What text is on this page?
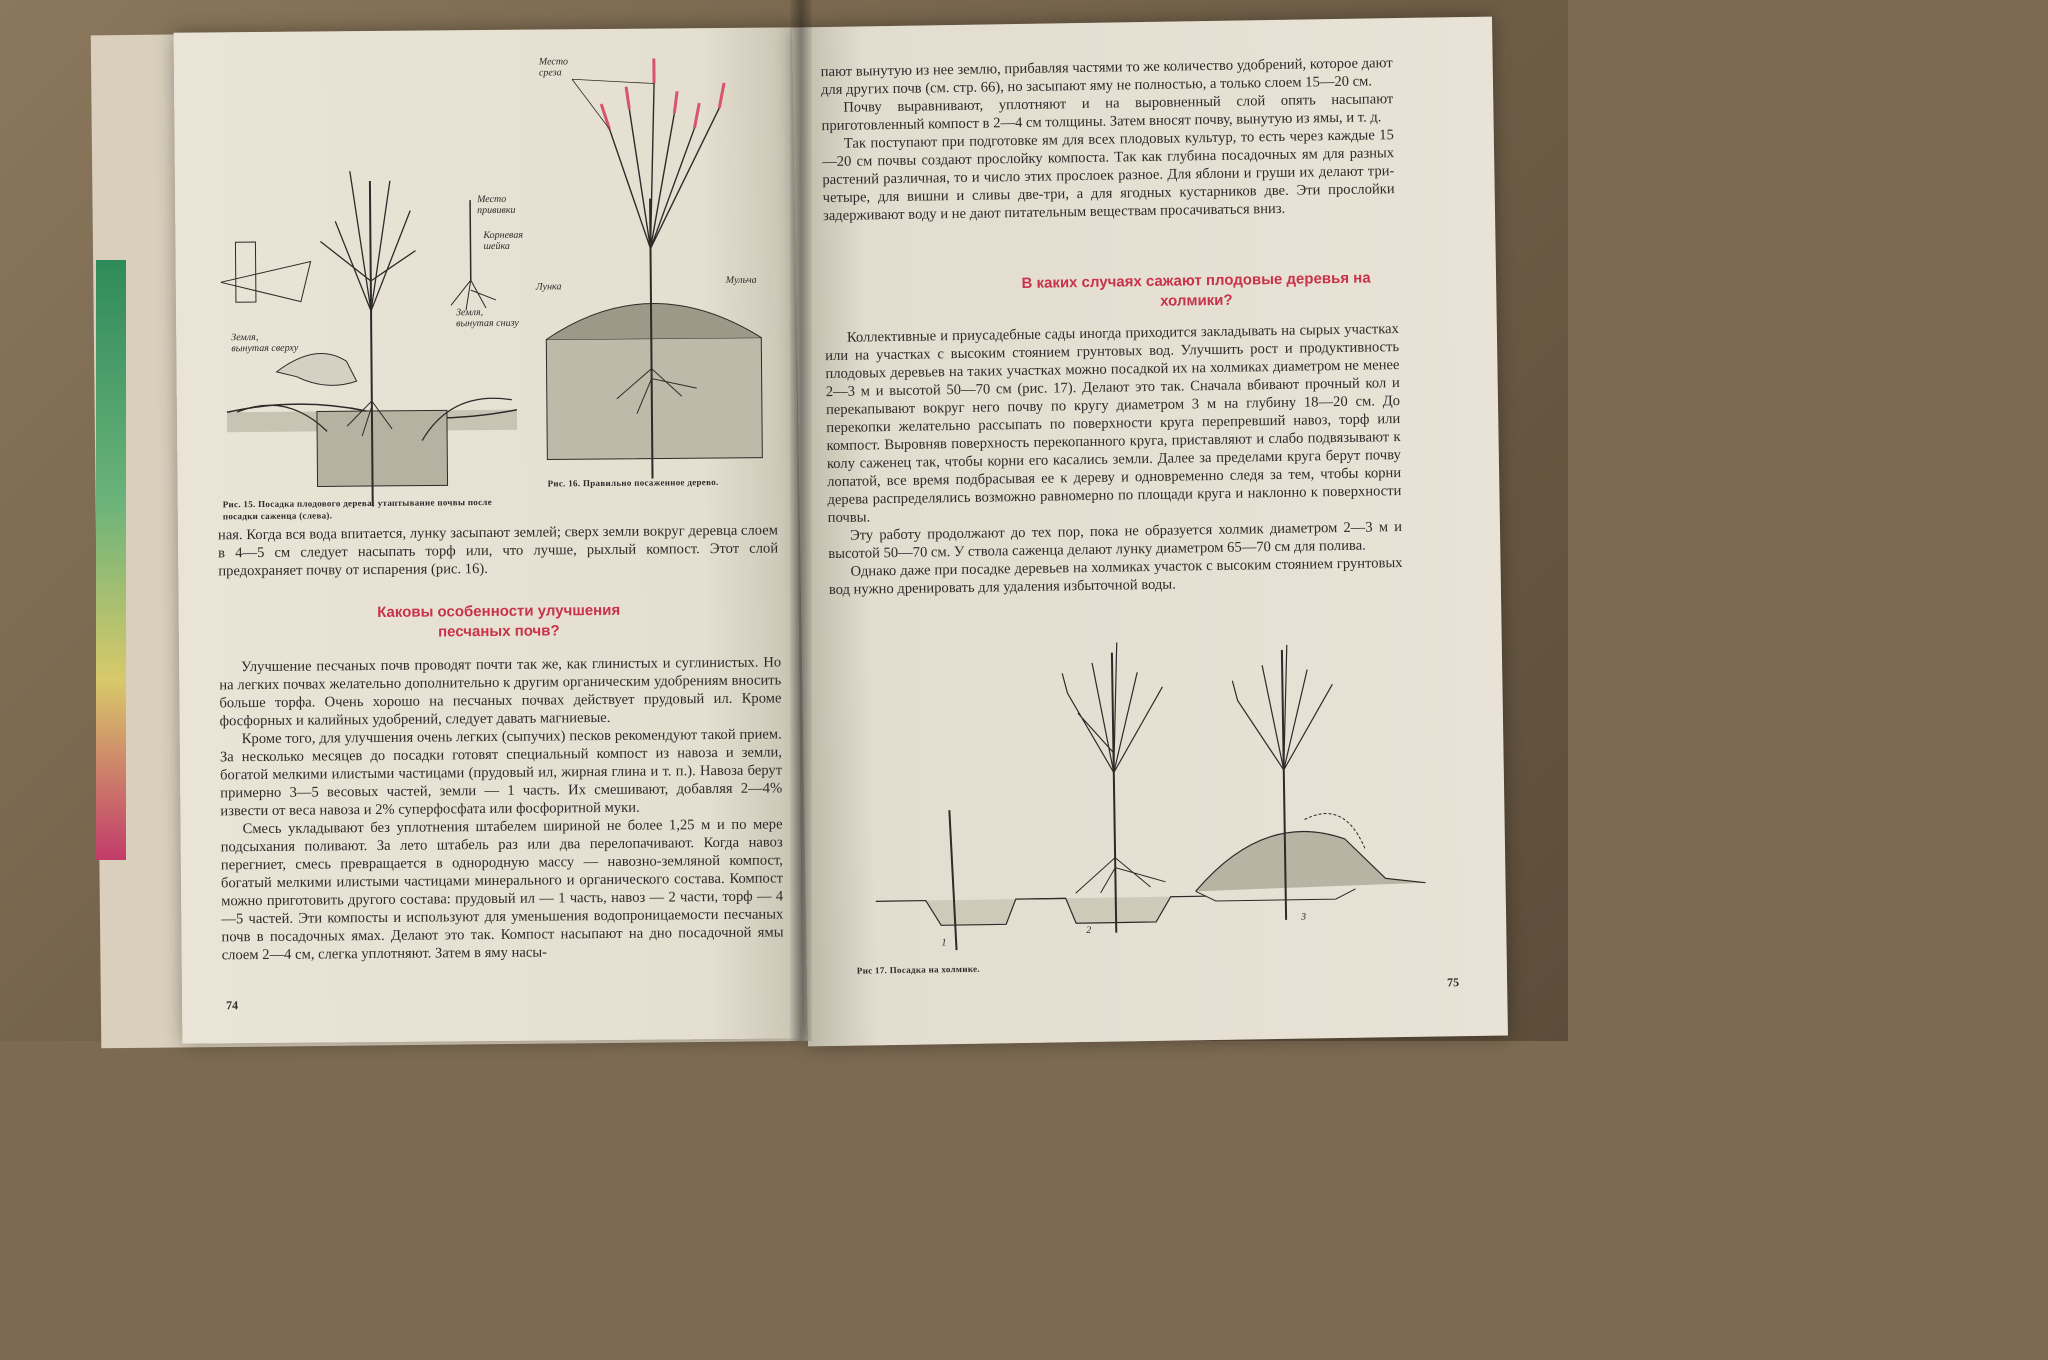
Место прививки
Корневая шейка
Земля, вынутая сверху
Земля, вынутая снизу
Место среза
Лунка
Мульча
Рис. 15. Посадка плодового дерева; утаптывание почвы после посадки саженца (слева).
Рис. 16. Правильно посаженное дерево.

ная. Когда вся вода впитается, лунку засыпают землей; сверх земли вокруг деревца слоем в 4—5 см следует насыпать торф или, что лучше, рыхлый компост. Этот слой предохраняет почву от испарения (рис. 16).

Каковы особенности улучшения песчаных почв?

Улучшение песчаных почв проводят почти так же, как глинистых и суглинистых. Но на легких почвах желательно дополнительно к другим органическим удобрениям вносить больше торфа. Очень хорошо на песчаных почвах действует прудовый ил. Кроме фосфорных и калийных удобрений, следует давать магниевые.

Кроме того, для улучшения очень легких (сыпучих) песков рекомендуют такой прием. За несколько месяцев до посадки готовят специальный компост из навоза и земли, богатой мелкими илистыми частицами (прудовый ил, жирная глина и т. п.). Навоза берут примерно 3—5 весовых частей, земли — 1 часть. Их смешивают, добавляя 2—4% извести от веса навоза и 2% суперфосфата или фосфоритной муки.

Смесь укладывают без уплотнения штабелем шириной не более 1,25 м и по мере подсыхания поливают. За лето штабель раз или два перелопачивают. Когда навоз перегниет, смесь превращается в однородную массу — навозно-земляной компост, богатый мелкими илистыми частицами минерального и органического состава. Компост можно приготовить другого состава: прудовый ил — 1 часть, навоз — 2 части, торф — 4—5 частей. Эти компосты и используют для уменьшения водопроницаемости песчаных почв в посадочных ямах. Делают это так. Компост насыпают на дно посадочной ямы слоем 2—4 см, слегка уплотняют. Затем в яму насы-

74

пают вынутую из нее землю, прибавляя частями то же количество удобрений, которое дают для других почв (см. стр. 66), но засыпают яму не полностью, а только слоем 15—20 см.

Почву выравнивают, уплотняют и на выровненный слой опять насыпают приготовленный компост в 2—4 см толщины. Затем вносят почву, вынутую из ямы, и т. д.

Так поступают при подготовке ям для всех плодовых культур, то есть через каждые 15—20 см почвы создают прослойку компоста. Так как глубина посадочных ям для разных растений различная, то и число этих прослоек разное. Для яблони и груши их делают три-четыре, для вишни и сливы две-три, а для ягодных кустарников две. Эти прослойки задерживают воду и не дают питательным веществам просачиваться вниз.

В каких случаях сажают плодовые деревья на холмики?

Коллективные и приусадебные сады иногда приходится закладывать на сырых участках или на участках с высоким стоянием грунтовых вод. Улучшить рост и продуктивность плодовых деревьев на таких участках можно посадкой их на холмиках диаметром не менее 2—3 м и высотой 50—70 см (рис. 17). Делают это так. Сначала вбивают прочный кол и перекапывают вокруг него почву по кругу диаметром 3 м на глубину 18—20 см. До перекопки желательно рассыпать по поверхности круга перепревший навоз, торф или компост. Выровняв поверхность перекопанного круга, приставляют и слабо подвязывают к колу саженец так, чтобы корни его касались земли. Далее за пределами круга берут почву лопатой, все время подбрасывая ее к дереву и одновременно следя за тем, чтобы корни дерева распределялись возможно равномерно по площади круга и наклонно к поверхности почвы.

Эту работу продолжают до тех пор, пока не образуется холмик диаметром 2—3 м и высотой 50—70 см. У ствола саженца делают лунку диаметром 65—70 см для полива.

Однако даже при посадке деревьев на холмиках участок с высоким стоянием грунтовых вод нужно дренировать для удаления избыточной воды.

1
2
3
Рис 17. Посадка на холмике.
75
